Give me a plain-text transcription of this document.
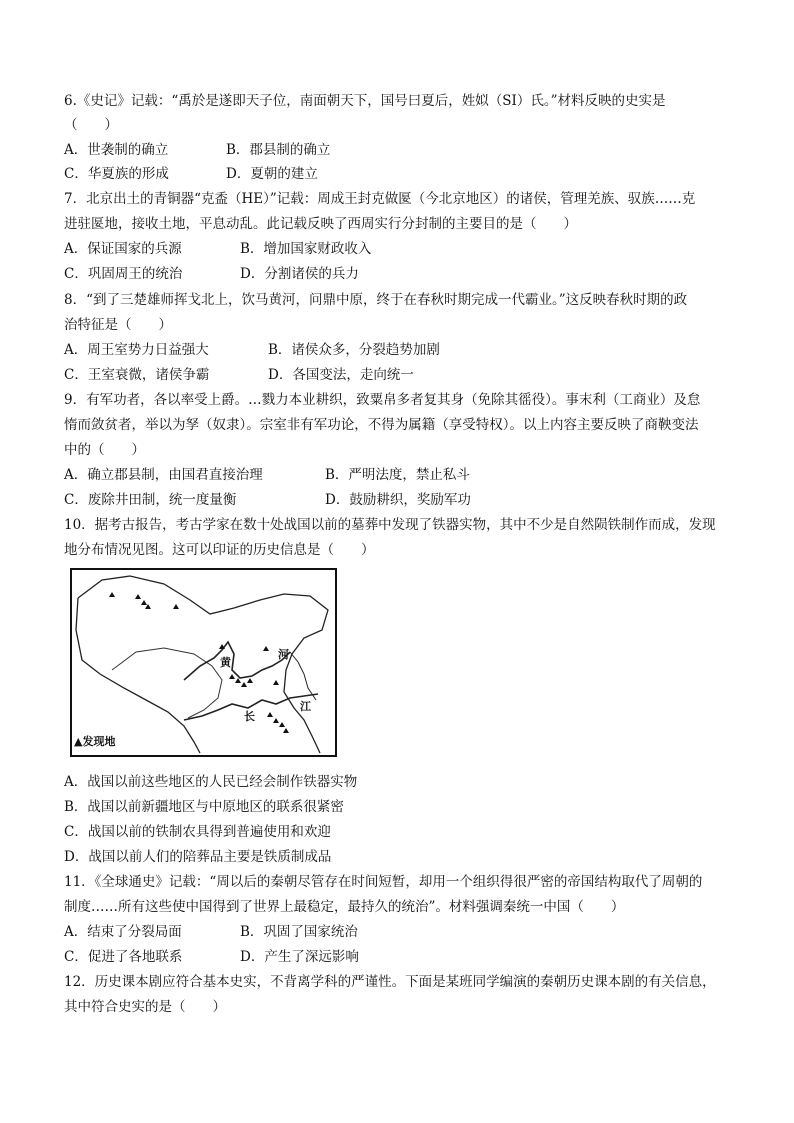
6.《史记》记载：“禹於是遂即天子位，南面朝天下，国号曰夏后，姓姒（SI）氏。”材料反映的史实是
（　　）
A．世袭制的确立	B．郡县制的确立
C．华夏族的形成	D．夏朝的建立
7．北京出土的青铜器“克盉（HE）”记载：周成王封克做匽（今北京地区）的诸侯，管理羌族、驭族……克
进驻匽地，接收土地，平息动乱。此记载反映了西周实行分封制的主要目的是（　　）
A．保证国家的兵源	B．增加国家财政收入
C．巩固周王的统治	D．分割诸侯的兵力
8．“到了三楚雄师挥戈北上，饮马黄河，问鼎中原，终于在春秋时期完成一代霸业。”这反映春秋时期的政
治特征是（　　）
A．周王室势力日益强大	B．诸侯众多，分裂趋势加剧
C．王室衰微，诸侯争霸	D．各国变法，走向统一
9．有军功者，各以率受上爵。…戮力本业耕织，致粟帛多者复其身（免除其徭役）。事末利（工商业）及怠
惰而敛贫者，举以为孥（奴隶）。宗室非有军功论，不得为属籍（享受特权）。以上内容主要反映了商鞅变法
中的（　　）
A．确立郡县制，由国君直接治理	B．严明法度，禁止私斗
C．废除井田制，统一度量衡	D．鼓励耕织，奖励军功
10．据考古报告，考古学家在数十处战国以前的墓葬中发现了铁器实物，其中不少是自然陨铁制作而成，发现
地分布情况见图。这可以印证的历史信息是（　　）
黄
河
长
江
▲发现地
A．战国以前这些地区的人民已经会制作铁器实物
B．战国以前新疆地区与中原地区的联系很紧密
C．战国以前的铁制农具得到普遍使用和欢迎
D．战国以前人们的陪葬品主要是铁质制成品
11．《全球通史》记载：“周以后的秦朝尽管存在时间短暂，却用一个组织得很严密的帝国结构取代了周朝的
制度……所有这些使中国得到了世界上最稳定，最持久的统治”。材料强调秦统一中国（　　）
A．结束了分裂局面	B．巩固了国家统治
C．促进了各地联系	D．产生了深远影响
12．历史课本剧应符合基本史实，不背离学科的严谨性。下面是某班同学编演的秦朝历史课本剧的有关信息，
其中符合史实的是（　　）
